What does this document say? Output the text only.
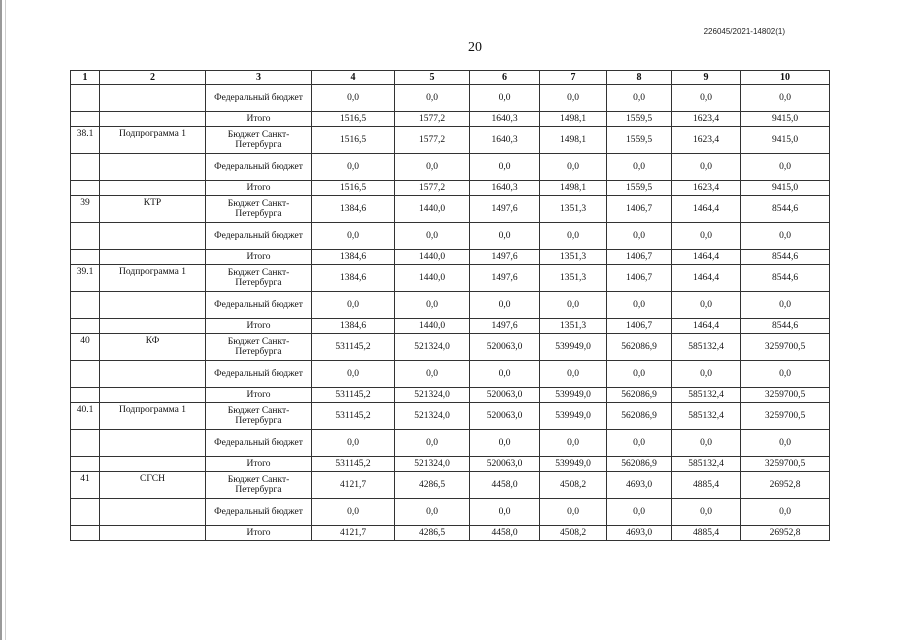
226045/2021-14802(1)
20
1	2	3	4	5	6	7	8	9	10
		Федеральный бюджет	0,0	0,0	0,0	0,0	0,0	0,0	0,0
		Итого	1516,5	1577,2	1640,3	1498,1	1559,5	1623,4	9415,0
38.1	Подпрограмма 1	Бюджет Санкт-Петербурга	1516,5	1577,2	1640,3	1498,1	1559,5	1623,4	9415,0
		Федеральный бюджет	0,0	0,0	0,0	0,0	0,0	0,0	0,0
		Итого	1516,5	1577,2	1640,3	1498,1	1559,5	1623,4	9415,0
39	КТР	Бюджет Санкт-Петербурга	1384,6	1440,0	1497,6	1351,3	1406,7	1464,4	8544,6
		Федеральный бюджет	0,0	0,0	0,0	0,0	0,0	0,0	0,0
		Итого	1384,6	1440,0	1497,6	1351,3	1406,7	1464,4	8544,6
39.1	Подпрограмма 1	Бюджет Санкт-Петербурга	1384,6	1440,0	1497,6	1351,3	1406,7	1464,4	8544,6
		Федеральный бюджет	0,0	0,0	0,0	0,0	0,0	0,0	0,0
		Итого	1384,6	1440,0	1497,6	1351,3	1406,7	1464,4	8544,6
40	КФ	Бюджет Санкт-Петербурга	531145,2	521324,0	520063,0	539949,0	562086,9	585132,4	3259700,5
		Федеральный бюджет	0,0	0,0	0,0	0,0	0,0	0,0	0,0
		Итого	531145,2	521324,0	520063,0	539949,0	562086,9	585132,4	3259700,5
40.1	Подпрограмма 1	Бюджет Санкт-Петербурга	531145,2	521324,0	520063,0	539949,0	562086,9	585132,4	3259700,5
		Федеральный бюджет	0,0	0,0	0,0	0,0	0,0	0,0	0,0
		Итого	531145,2	521324,0	520063,0	539949,0	562086,9	585132,4	3259700,5
41	СГСН	Бюджет Санкт-Петербурга	4121,7	4286,5	4458,0	4508,2	4693,0	4885,4	26952,8
		Федеральный бюджет	0,0	0,0	0,0	0,0	0,0	0,0	0,0
		Итого	4121,7	4286,5	4458,0	4508,2	4693,0	4885,4	26952,8
